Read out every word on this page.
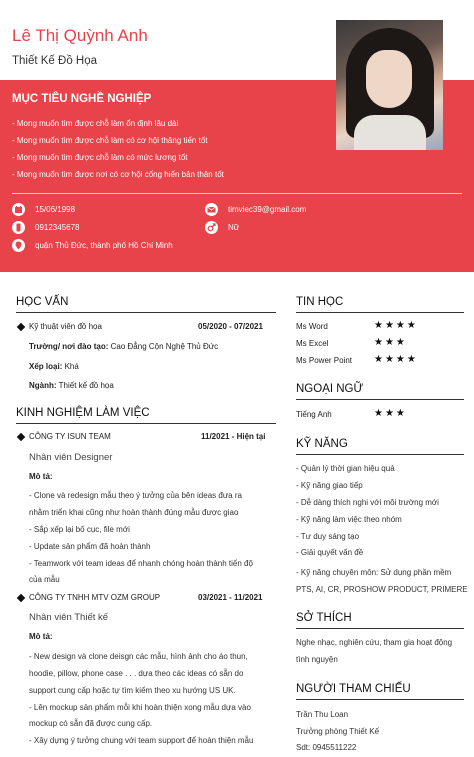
Lê Thị Quỳnh Anh
Thiết Kế Đồ Họa
MỤC TIÊU NGHỀ NGHIỆP
- Mong muốn tìm được chỗ làm ổn định lâu dài
- Mong muốn tìm được chỗ làm có cơ hội thăng tiến tốt
- Mong muốn tìm được chỗ làm có mức lương tốt
- Mong muốn tìm được nơi có cơ hội cống hiến bản thân tốt
15/06/1998
0912345678
quận Thủ Đức, thành phố Hồ Chí Minh
timviec39@gmail.com
Nữ
HỌC VẤN
Kỹ thuật viên đồ họa	05/2020 - 07/2021
Trường/ nơi đào tạo: Cao Đẳng Cộn Nghệ Thủ Đức
Xếp loại: Khá
Ngành: Thiết kế đồ họa
KINH NGHIỆM LÀM VIỆC
CÔNG TY ISUN TEAM	11/2021 - Hiện tại
Nhân viên Designer
Mô tả:
- Clone và redesign mẫu theo ý tưởng của bên ideas đưa ra
nhằm triển khai cũng như hoàn thành đúng mẫu được giao
- Sắp xếp lại bố cục, file mới
- Update sản phẩm đã hoàn thành
- Teamwork với team ideas để nhanh chóng hoàn thành tiến độ
của mẫu
CÔNG TY TNHH MTV OZM GROUP	03/2021 - 11/2021
Nhân viên Thiết kế
Mô tả:
- New design và clone deisgn các mẫu, hình ảnh cho áo thun,
hoodie, pillow, phone case . . . dựa theo các ideas có sẵn do
support cung cấp hoặc tự tìm kiếm theo xu hướng US UK.
- Lên mockup sản phẩm mỗi khi hoàn thiện xong mẫu dựa vào
mockup có sẵn đã được cung cấp.
- Xây dựng ý tưởng chung với team support để hoàn thiện mẫu
TIN HỌC
Ms Word	★★★★
Ms Excel	★★★
Ms Power Point ★★★★
NGOẠI NGỮ
Tiếng Anh	★★★
KỸ NĂNG
- Quản lý thời gian hiệu quả
- Kỹ năng giao tiếp
- Dễ dàng thích nghi với môi trường mới
- Kỹ năng làm việc theo nhóm
- Tư duy sáng tạo
- Giải quyết vấn đề
- Kỹ năng chuyên môn: Sử dụng phần mềm
PTS, AI, CR, PROSHOW PRODUCT, PRIMERE
SỞ THÍCH
Nghe nhạc, nghiên cứu, tham gia hoạt động
tình nguyện
NGƯỜI THAM CHIẾU
Trần Thu Loan
Trưởng phòng Thiết Kế
Sdt: 0945511222
